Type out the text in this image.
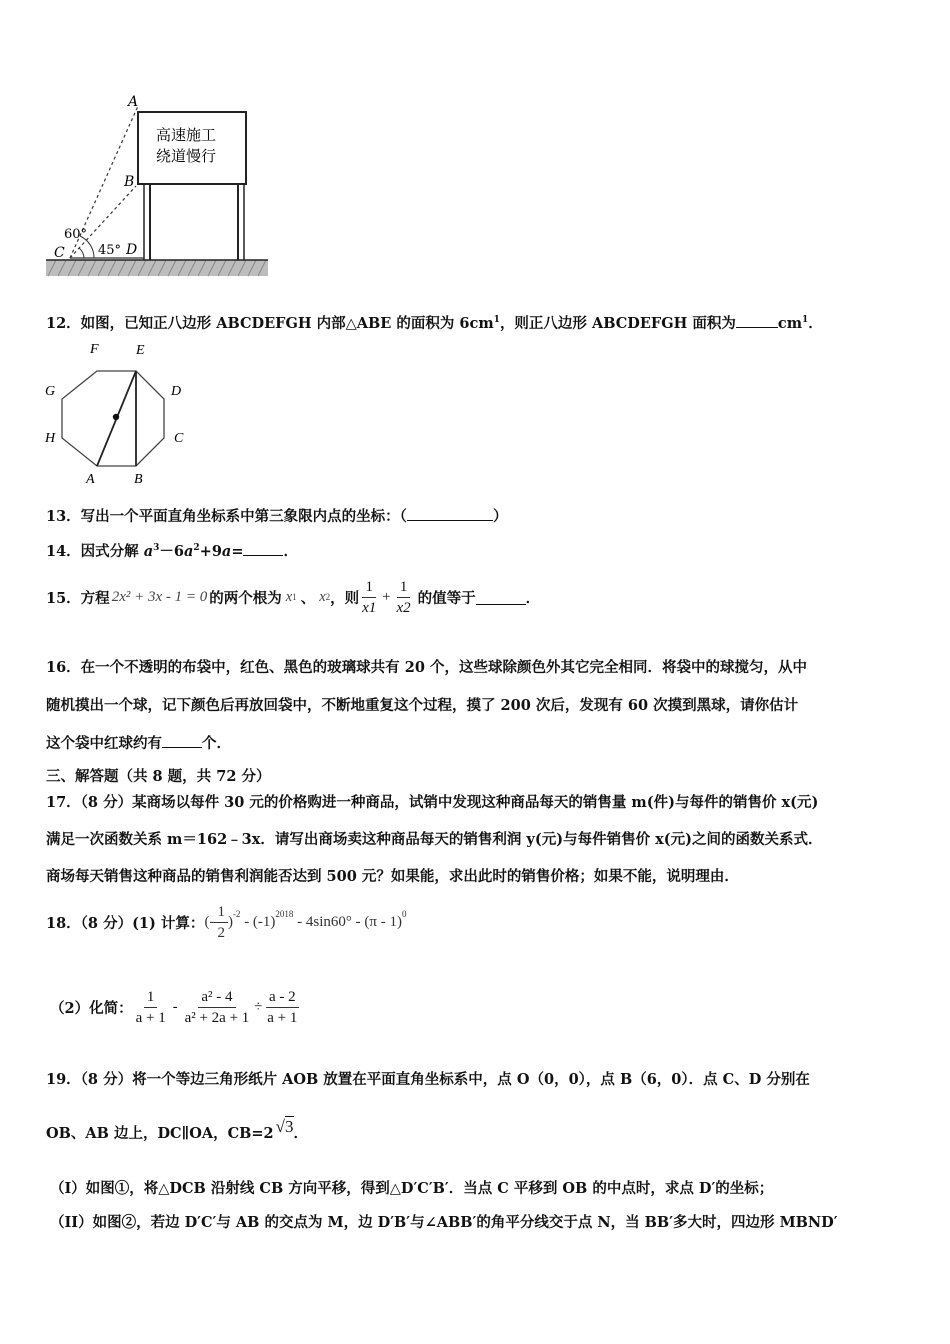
高速施工
绕道慢行
A
B
C	D
60°
45°
12．如图，已知正八边形 ABCDEFGH 内部△ABE 的面积为 $6cm^1$，则正八边形 ABCDEFGH 面积为	$cm^1$．
F	E
G	D
H	C
A	B
13．写出一个平面直角坐标系中第三象限内点的坐标：（	）
14．因式分解 $a^3-6a^2+9a=$	．
15．方程 2x² + 3x - 1 = 0 的两个根为 x 1 、 x 2 ，则 $\frac{1}{x1} + \frac{1}{x2}$ 的值等于	．
16．在一个不透明的布袋中，红色、黑色的玻璃球共有 20 个，这些球除颜色外其它完全相同．将袋中的球搅匀，从中
随机摸出一个球，记下颜色后再放回袋中，不断地重复这个过程，摸了 200 次后，发现有 60 次摸到黑球，请你估计
这个袋中红球约有	个．
三、解答题（共 8 题，共 72 分）
17．（8 分）某商场以每件 30 元的价格购进一种商品，试销中发现这种商品每天的销售量 m(件)与每件的销售价 x(元)
满足一次函数关系 m＝162﹣3x．请写出商场卖这种商品每天的销售利润 y(元)与每件销售价 x(元)之间的函数关系式．
商场每天销售这种商品的销售利润能否达到 500 元？如果能，求出此时的销售价格；如果不能，说明理由．
18．（8 分）(1) 计算： (- $\frac{1}{2} )^{-2} - (-1)^{2018} - 4\sin 60^\circ - (\pi - 1)^0$
（2）化简： $\frac{1}{a + 1} - \frac{\text{a² - 4}}{\text{a² + 2a + 1}} \div \frac{a - 2}{a + 1}$
19．（8 分）将一个等边三角形纸片 AOB 放置在平面直角坐标系中，点 O（0，0），点 B（6，0）．点 C、D 分别在
OB、AB 边上，DC∥OA，CB=2 √3 ．
（I）如图①，将△DCB 沿射线 CB 方向平移，得到△D′C′B′．当点 C 平移到 OB 的中点时，求点 D′的坐标；
（II）如图②，若边 D′C′与 AB 的交点为 M，边 D′B′与∠ABB′的角平分线交于点 N，当 BB′多大时，四边形 MBND′
